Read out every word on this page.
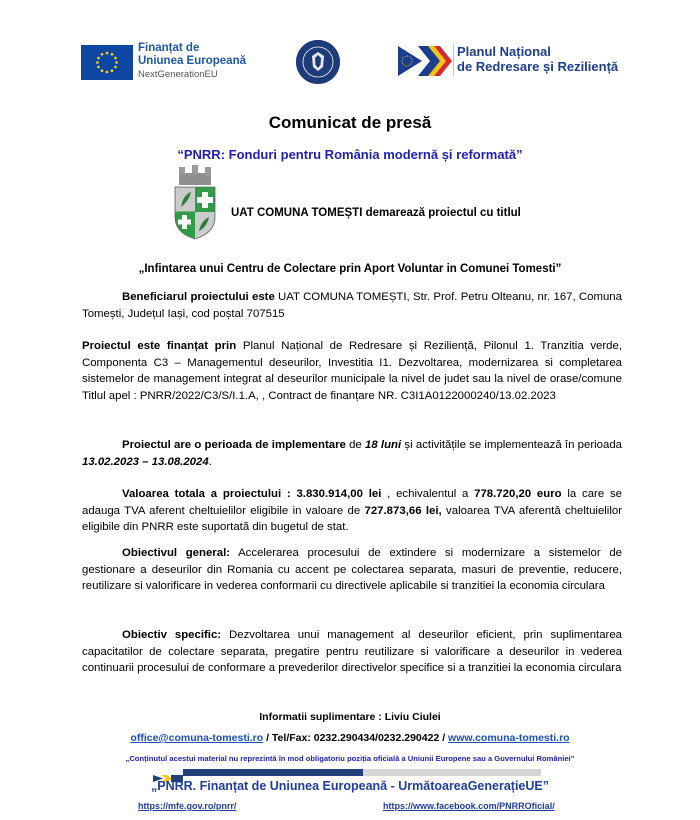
Finanțat de
Uniunea Europeană
NextGenerationEU
Planul Național
de Redresare și Reziliență
Comunicat de presă
“PNRR: Fonduri pentru România modernă și reformată”
UAT COMUNA TOMEȘTI demarează proiectul cu titlul
„Infintarea unui Centru de Colectare prin Aport Voluntar in Comunei Tomesti”
Beneficiarul proiectului este UAT COMUNA TOMEȘTI, Str. Prof. Petru Olteanu, nr. 167, Comuna Tomești, Județul Iași, cod poștal 707515
Proiectul este finanțat prin Planul Național de Redresare și Reziliență, Pilonul 1. Tranzitia verde, Componenta C3 – Managementul deseurilor, Investitia I1. Dezvoltarea, modernizarea si completarea sistemelor de management integrat al deseurilor municipale la nivel de judet sau la nivel de orase/comune Titlul apel : PNRR/2022/C3/S/I.1.A, , Contract de finanțare NR. C3I1A0122000240/13.02.2023
Proiectul are o perioada de implementare de 18 luni și activitățile se implementează în perioada 13.02.2023 – 13.08.2024.
Valoarea totala a proiectului : 3.830.914,00 lei , echivalentul a 778.720,20 euro la care se adauga TVA aferent cheltuielilor eligibile in valoare de 727.873,66 lei, valoarea TVA aferentă cheltuielilor eligibile din PNRR este suportată din bugetul de stat.
Obiectivul general: Accelerarea procesului de extindere si modernizare a sistemelor de gestionare a deseurilor din Romania cu accent pe colectarea separata, masuri de preventie, reducere, reutilizare si valorificare in vederea conformarii cu directivele aplicabile si tranzitiei la economia circulara
Obiectiv specific: Dezvoltarea unui management al deseurilor eficient, prin suplimentarea capacitatilor de colectare separata, pregatire pentru reutilizare si valorificare a deseurilor in vederea continuarii procesului de conformare a prevederilor directivelor specifice si a tranzitiei la economia circulara
Informatii suplimentare : Liviu Ciulei
office@comuna-tomesti.ro / Tel/Fax: 0232.290434/0232.290422 / www.comuna-tomesti.ro
„Conținutul acestui material nu reprezintă în mod obligatoriu poziția oficială a Uniunii Europene sau a Guvernului României”
„PNRR. Finanțat de Uniunea Europeană - UrmătoareaGenerațieUE”
https://mfe.gov.ro/pnrr/	https://www.facebook.com/PNRROficial/
